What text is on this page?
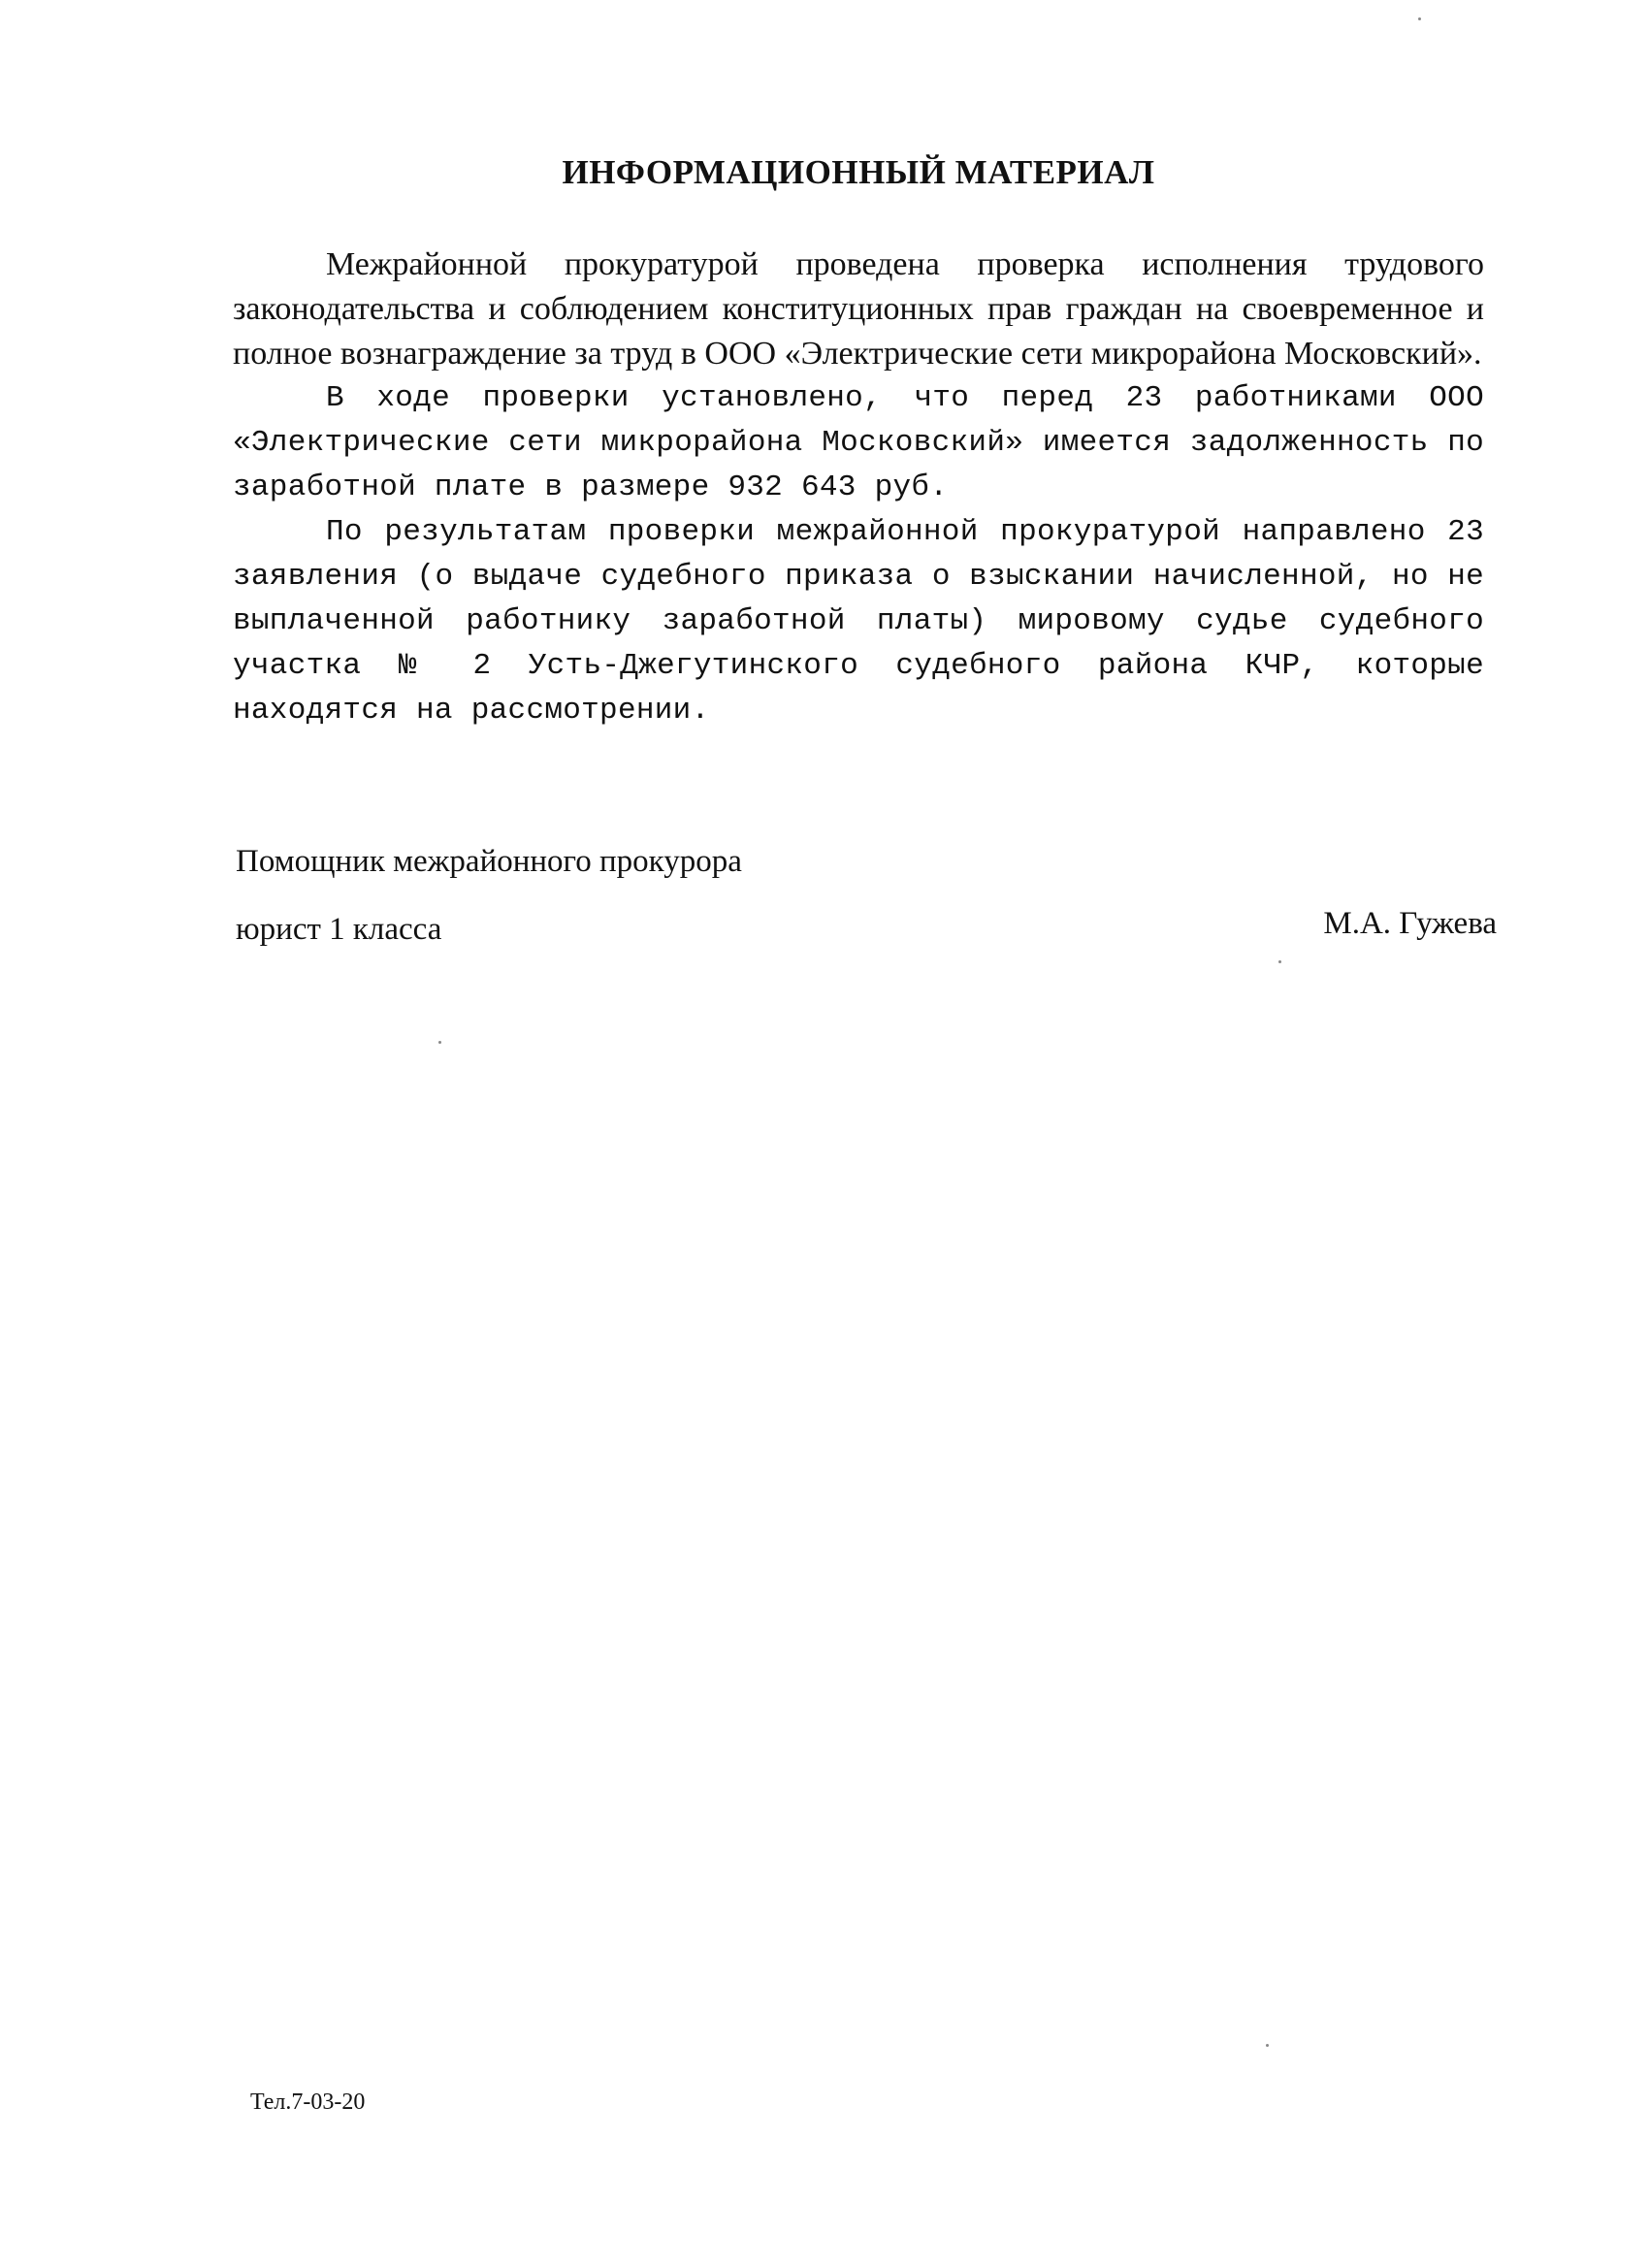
ИНФОРМАЦИОННЫЙ МАТЕРИАЛ

Межрайонной прокуратурой проведена проверка исполнения трудового законодательства и соблюдением конституционных прав граждан на своевременное и полное вознаграждение за труд в ООО «Электрические сети микрорайона Московский».

В ходе проверки установлено, что перед 23 работниками ООО «Электрические сети микрорайона Московский» имеется задолженность по заработной плате в размере 932 643 руб.

По результатам проверки межрайонной прокуратурой направлено 23 заявления (о выдаче судебного приказа о взыскании начисленной, но не выплаченной работнику заработной платы) мировому судье судебного участка № 2 Усть-Джегутинского судебного района КЧР, которые находятся на рассмотрении.

Помощник межрайонного прокурора
юрист 1 класса	М.А. Гужева
Тел.7-03-20
